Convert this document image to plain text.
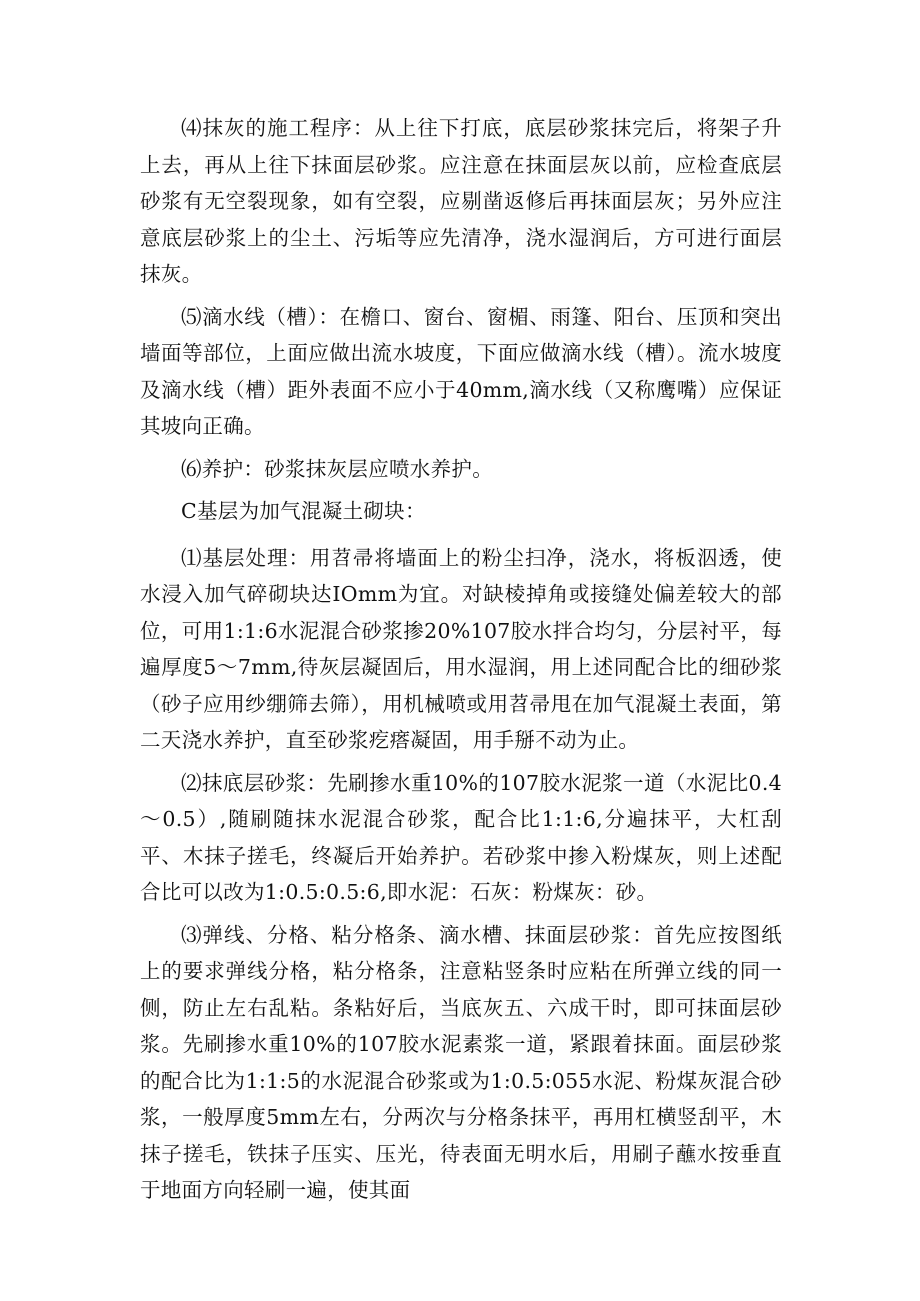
⑷抹灰的施工程序：从上往下打底，底层砂浆抹完后，将架子升上去，再从上往下抹面层砂浆。应注意在抹面层灰以前，应检查底层砂浆有无空裂现象，如有空裂，应剔凿返修后再抹面层灰；另外应注意底层砂浆上的尘土、污垢等应先清净，浇水湿润后，方可进行面层抹灰。

⑸滴水线（槽）：在檐口、窗台、窗楣、雨篷、阳台、压顶和突出墙面等部位，上面应做出流水坡度，下面应做滴水线（槽）。流水坡度及滴水线（槽）距外表面不应小于40mm,滴水线（又称鹰嘴）应保证其坡向正确。

⑹养护：砂浆抹灰层应喷水养护。

C基层为加气混凝土砌块：

⑴基层处理：用苕帚将墙面上的粉尘扫净，浇水，将板泅透，使水浸入加气碎砌块达IOmm为宜。对缺棱掉角或接缝处偏差较大的部位，可用1:1:6水泥混合砂浆掺20%107胶水拌合均匀，分层衬平，每遍厚度5～7mm,待灰层凝固后，用水湿润，用上述同配合比的细砂浆（砂子应用纱绷筛去筛），用机械喷或用苕帚甩在加气混凝土表面，第二天浇水养护，直至砂浆疙瘩凝固，用手掰不动为止。

⑵抹底层砂浆：先刷掺水重10%的107胶水泥浆一道（水泥比0.4～0.5）,随刷随抹水泥混合砂浆，配合比1:1:6,分遍抹平，大杠刮平、木抹子搓毛，终凝后开始养护。若砂浆中掺入粉煤灰，则上述配合比可以改为1:0.5:0.5:6,即水泥：石灰：粉煤灰：砂。

⑶弹线、分格、粘分格条、滴水槽、抹面层砂浆：首先应按图纸上的要求弹线分格，粘分格条，注意粘竖条时应粘在所弹立线的同一侧，防止左右乱粘。条粘好后，当底灰五、六成干时，即可抹面层砂浆。先刷掺水重10%的107胶水泥素浆一道，紧跟着抹面。面层砂浆的配合比为1:1:5的水泥混合砂浆或为1:0.5:055水泥、粉煤灰混合砂浆，一般厚度5mm左右，分两次与分格条抹平，再用杠横竖刮平，木抹子搓毛，铁抹子压实、压光，待表面无明水后，用刷子蘸水按垂直于地面方向轻刷一遍，使其面
